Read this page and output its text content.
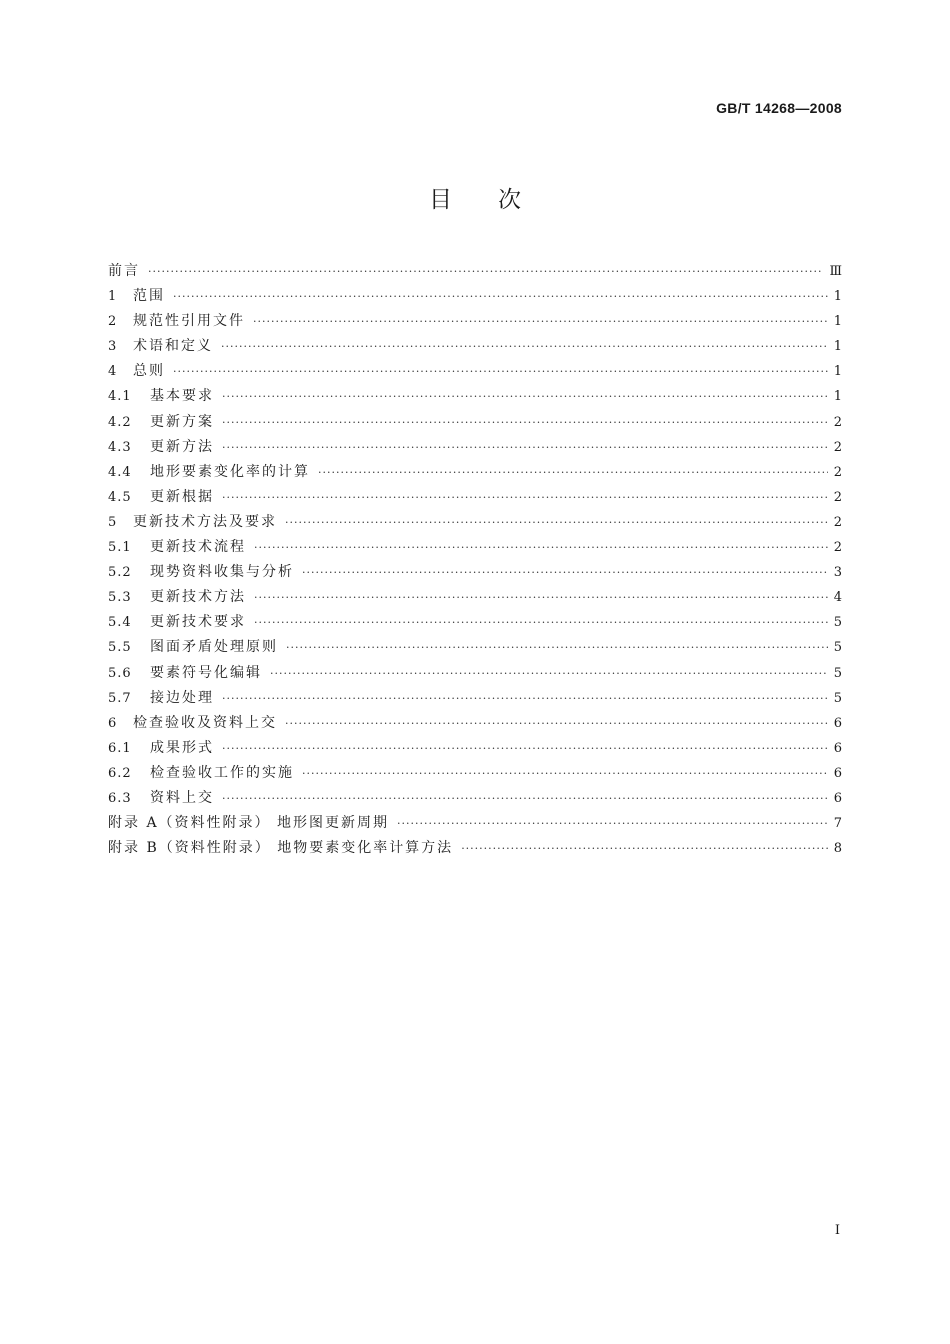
GB/T 14268—2008
目次
前言 ·····	Ⅲ
1	范围 ·····	1
2	规范性引用文件 ·····	1
3	术语和定义 ·····	1
4	总则 ·····	1
4.1	基本要求 ·····	1
4.2	更新方案 ·····	2
4.3	更新方法 ·····	2
4.4	地形要素变化率的计算 ·····	2
4.5	更新根据 ·····	2
5	更新技术方法及要求 ·····	2
5.1	更新技术流程 ·····	2
5.2	现势资料收集与分析 ·····	3
5.3	更新技术方法 ·····	4
5.4	更新技术要求 ·····	5
5.5	图面矛盾处理原则 ·····	5
5.6	要素符号化编辑 ·····	5
5.7	接边处理 ·····	5
6	检查验收及资料上交 ·····	6
6.1	成果形式 ·····	6
6.2	检查验收工作的实施 ·····	6
6.3	资料上交 ·····	6
附录 A（资料性附录） 地形图更新周期 ·····	7
附录 B（资料性附录） 地物要素变化率计算方法 ·····	8
I
